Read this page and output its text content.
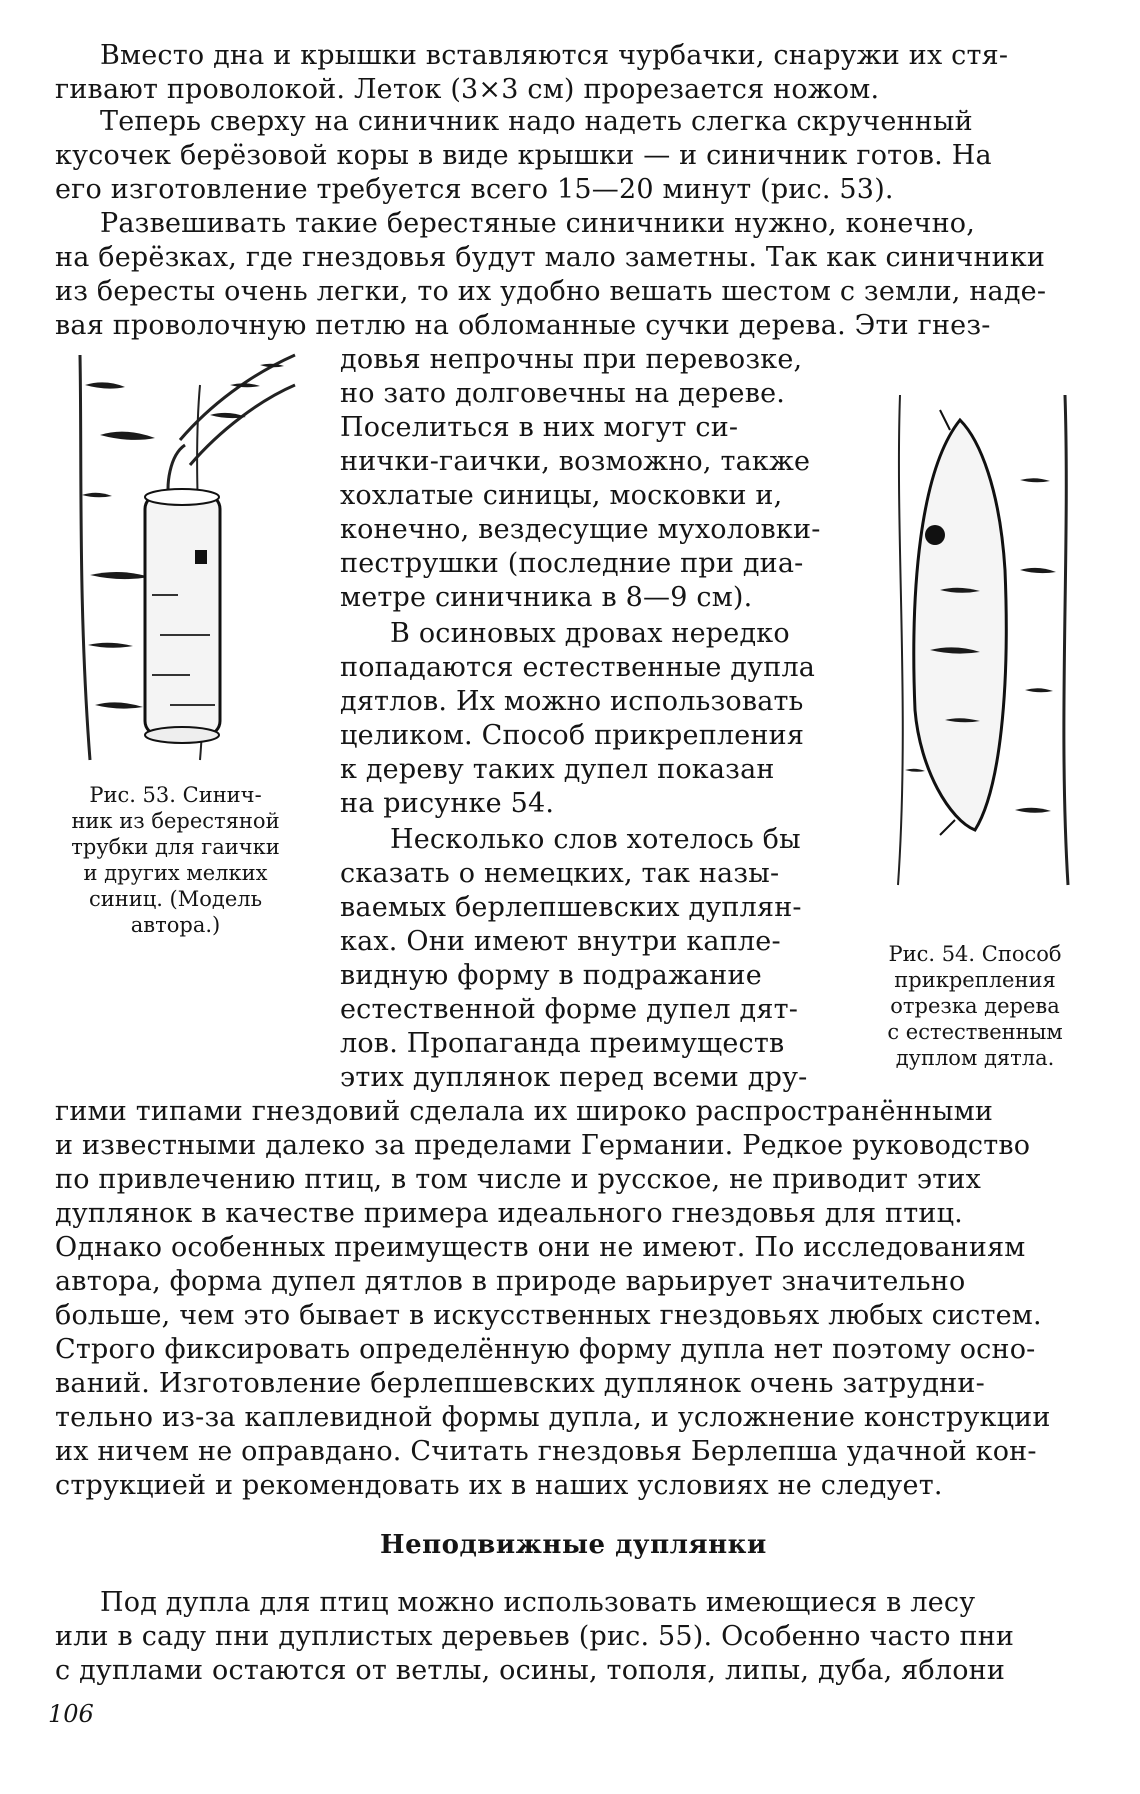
Вместо дна и крышки вставляются чурбачки, снаружи их стя-
гивают проволокой. Леток (3×3 см) прорезается ножом.
Теперь сверху на синичник надо надеть слегка скрученный
кусочек берёзовой коры в виде крышки — и синичник готов. На
его изготовление требуется всего 15—20 минут (рис. 53).
Развешивать такие берестяные синичники нужно, конечно,
на берёзках, где гнездовья будут мало заметны. Так как синичники
из бересты очень легки, то их удобно вешать шестом с земли, наде-
вая проволочную петлю на обломанные сучки дерева. Эти гнез-
Рис. 53. Синич-
ник из берестяной
трубки для гаички
и других мелких
синиц. (Модель
автора.)
довья непрочны при перевозке,
но зато долговечны на дереве.
Поселиться в них могут си-
нички-гаички, возможно, также
хохлатые синицы, московки и,
конечно, вездесущие мухоловки-
пеструшки (последние при диа-
метре синичника в 8—9 см).
В осиновых дровах нередко
попадаются естественные дупла
дятлов. Их можно использовать
целиком. Способ прикрепления
к дереву таких дупел показан
на рисунке 54.
Несколько слов хотелось бы
сказать о немецких, так назы-
ваемых берлепшевских дуплян-
ках. Они имеют внутри капле-
видную форму в подражание
естественной форме дупел дят-
лов. Пропаганда преимуществ
этих дуплянок перед всеми дру-
Рис. 54. Способ
прикрепления
отрезка дерева
с естественным
дуплом дятла.
гими типами гнездовий сделала их широко распространёнными
и известными далеко за пределами Германии. Редкое руководство
по привлечению птиц, в том числе и русское, не приводит этих
дуплянок в качестве примера идеального гнездовья для птиц.
Однако особенных преимуществ они не имеют. По исследованиям
автора, форма дупел дятлов в природе варьирует значительно
больше, чем это бывает в искусственных гнездовьях любых систем.
Строго фиксировать определённую форму дупла нет поэтому осно-
ваний. Изготовление берлепшевских дуплянок очень затрудни-
тельно из-за каплевидной формы дупла, и усложнение конструкции
их ничем не оправдано. Считать гнездовья Берлепша удачной кон-
струкцией и рекомендовать их в наших условиях не следует.
Неподвижные дуплянки
Под дупла для птиц можно использовать имеющиеся в лесу
или в саду пни дуплистых деревьев (рис. 55). Особенно часто пни
с дуплами остаются от ветлы, осины, тополя, липы, дуба, яблони
106
